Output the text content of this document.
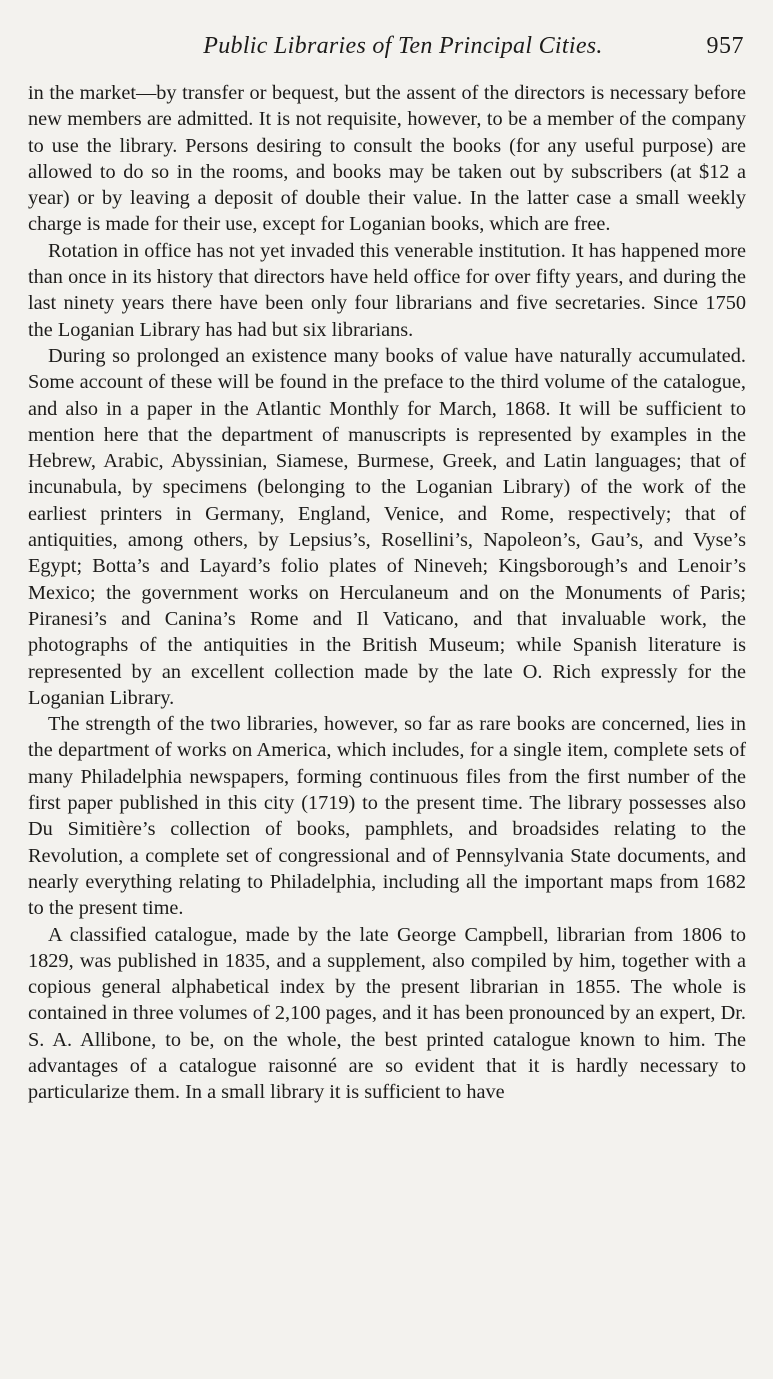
Public Libraries of Ten Principal Cities.	957

in the market—by transfer or bequest, but the assent of the directors is necessary before new members are admitted. It is not requisite, however, to be a member of the company to use the library. Persons desiring to consult the books (for any useful purpose) are allowed to do so in the rooms, and books may be taken out by subscribers (at $12 a year) or by leaving a deposit of double their value. In the latter case a small weekly charge is made for their use, except for Loganian books, which are free.

Rotation in office has not yet invaded this venerable institution. It has happened more than once in its history that directors have held office for over fifty years, and during the last ninety years there have been only four librarians and five secretaries. Since 1750 the Loganian Library has had but six librarians.

During so prolonged an existence many books of value have naturally accumulated. Some account of these will be found in the preface to the third volume of the catalogue, and also in a paper in the Atlantic Monthly for March, 1868. It will be sufficient to mention here that the department of manuscripts is represented by examples in the Hebrew, Arabic, Abyssinian, Siamese, Burmese, Greek, and Latin languages; that of incunabula, by specimens (belonging to the Loganian Library) of the work of the earliest printers in Germany, England, Venice, and Rome, respectively; that of antiquities, among others, by Lepsius’s, Rosellini’s, Napoleon’s, Gau’s, and Vyse’s Egypt; Botta’s and Layard’s folio plates of Nineveh; Kingsborough’s and Lenoir’s Mexico; the government works on Herculaneum and on the Monuments of Paris; Piranesi’s and Canina’s Rome and Il Vaticano, and that invaluable work, the photographs of the antiquities in the British Museum; while Spanish literature is represented by an excellent collection made by the late O. Rich expressly for the Loganian Library.

The strength of the two libraries, however, so far as rare books are concerned, lies in the department of works on America, which includes, for a single item, complete sets of many Philadelphia newspapers, forming continuous files from the first number of the first paper published in this city (1719) to the present time. The library possesses also Du Simitière’s collection of books, pamphlets, and broadsides relating to the Revolution, a complete set of congressional and of Pennsylvania State documents, and nearly everything relating to Philadelphia, including all the important maps from 1682 to the present time.

A classified catalogue, made by the late George Campbell, librarian from 1806 to 1829, was published in 1835, and a supplement, also compiled by him, together with a copious general alphabetical index by the present librarian in 1855. The whole is contained in three volumes of 2,100 pages, and it has been pronounced by an expert, Dr. S. A. Allibone, to be, on the whole, the best printed catalogue known to him. The advantages of a catalogue raisonné are so evident that it is hardly necessary to particularize them. In a small library it is sufficient to have
